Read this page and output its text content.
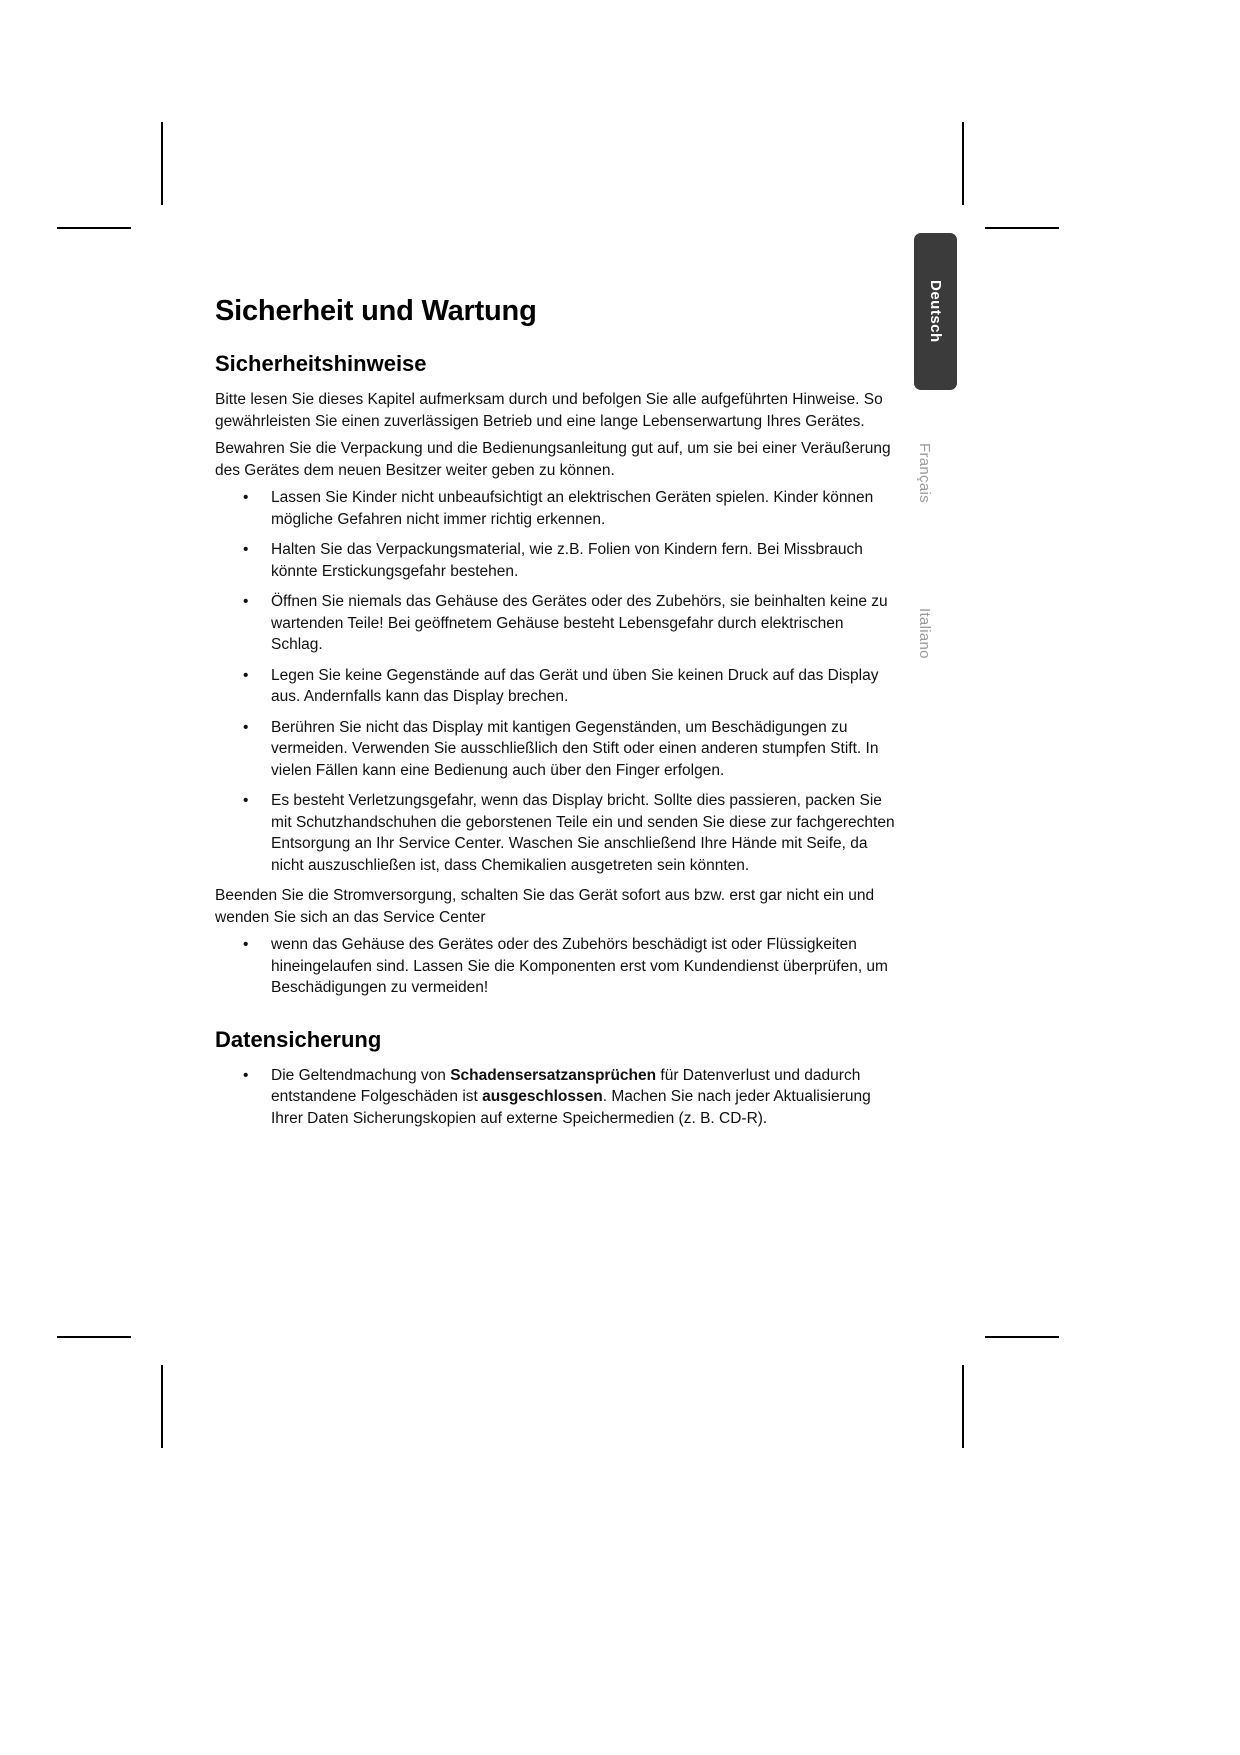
Deutsch
Français
Italiano
Sicherheit und Wartung
Sicherheitshinweise

Bitte lesen Sie dieses Kapitel aufmerksam durch und befolgen Sie alle aufgeführten Hinweise. So gewährleisten Sie einen zuverlässigen Betrieb und eine lange Lebenserwartung Ihres Gerätes.

Bewahren Sie die Verpackung und die Bedienungsanleitung gut auf, um sie bei einer Veräußerung des Gerätes dem neuen Besitzer weiter geben zu können.

•	Lassen Sie Kinder nicht unbeaufsichtigt an elektrischen Geräten spielen. Kinder können mögliche Gefahren nicht immer richtig erkennen.
•	Halten Sie das Verpackungsmaterial, wie z.B. Folien von Kindern fern. Bei Missbrauch könnte Erstickungsgefahr bestehen.
•	Öffnen Sie niemals das Gehäuse des Gerätes oder des Zubehörs, sie beinhalten keine zu wartenden Teile! Bei geöffnetem Gehäuse besteht Lebensgefahr durch elektrischen Schlag.
•	Legen Sie keine Gegenstände auf das Gerät und üben Sie keinen Druck auf das Display aus. Andernfalls kann das Display brechen.
•	Berühren Sie nicht das Display mit kantigen Gegenständen, um Beschädigungen zu vermeiden. Verwenden Sie ausschließlich den Stift oder einen anderen stumpfen Stift. In vielen Fällen kann eine Bedienung auch über den Finger erfolgen.
•	Es besteht Verletzungsgefahr, wenn das Display bricht. Sollte dies passieren, packen Sie mit Schutzhandschuhen die geborstenen Teile ein und senden Sie diese zur fachgerechten Entsorgung an Ihr Service Center. Waschen Sie anschließend Ihre Hände mit Seife, da nicht auszuschließen ist, dass Chemikalien ausgetreten sein könnten.

Beenden Sie die Stromversorgung, schalten Sie das Gerät sofort aus bzw. erst gar nicht ein und wenden Sie sich an das Service Center

•	wenn das Gehäuse des Gerätes oder des Zubehörs beschädigt ist oder Flüssigkeiten hineingelaufen sind. Lassen Sie die Komponenten erst vom Kundendienst überprüfen, um Beschädigungen zu vermeiden!
Datensicherung
•	Die Geltendmachung von Schadensersatzansprüchen für Datenverlust und dadurch entstandene Folgeschäden ist ausgeschlossen. Machen Sie nach jeder Aktualisierung Ihrer Daten Sicherungskopien auf externe Speichermedien (z. B. CD-R).
